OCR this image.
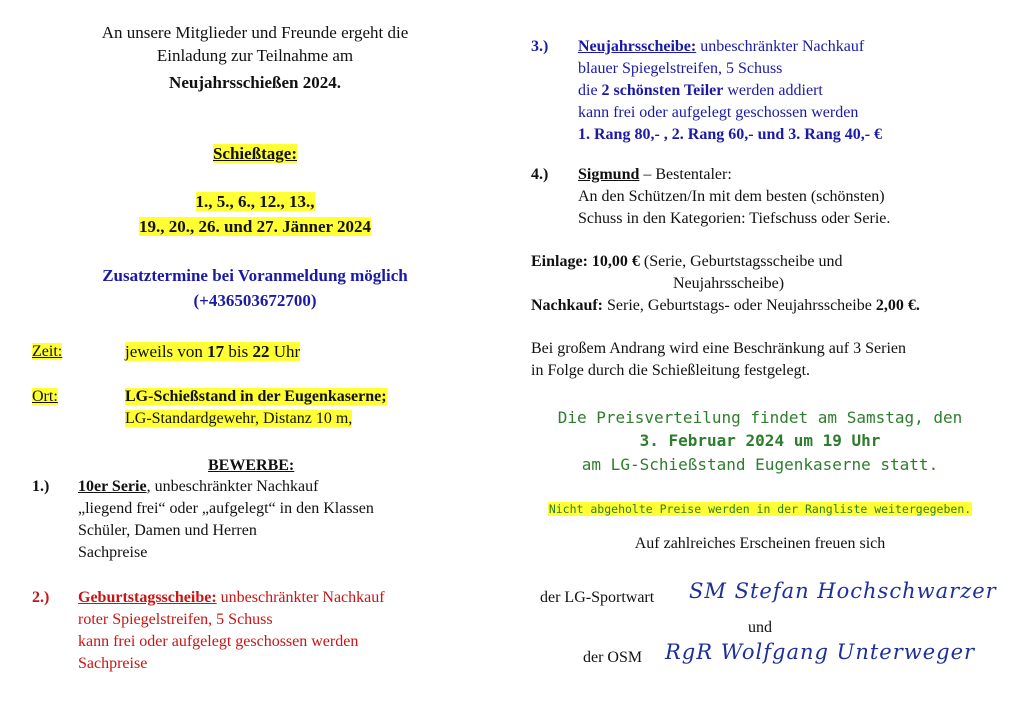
An unsere Mitglieder und Freunde ergeht die
Einladung zur Teilnahme am
Neujahrsschießen 2024.
Schießtage:
1., 5., 6., 12., 13.,
19., 20., 26. und 27. Jänner 2024
Zusatztermine bei Voranmeldung möglich
(+436503672700)
Zeit:	jeweils von 17 bis 22 Uhr
Ort:	LG-Schießstand in der Eugenkaserne;
LG-Standardgewehr, Distanz 10 m,
BEWERBE:
1.) 10er Serie, unbeschränkter Nachkauf
„liegend frei“ oder „aufgelegt“ in den Klassen
Schüler, Damen und Herren
Sachpreise
2.) Geburtstagsscheibe: unbeschränkter Nachkauf
roter Spiegelstreifen, 5 Schuss
kann frei oder aufgelegt geschossen werden
Sachpreise
3.) Neujahrsscheibe: unbeschränkter Nachkauf
blauer Spiegelstreifen, 5 Schuss
die 2 schönsten Teiler werden addiert
kann frei oder aufgelegt geschossen werden
1. Rang 80,- , 2. Rang 60,- und 3. Rang 40,- €
4.) Sigmund – Bestentaler:
An den Schützen/In mit dem besten (schönsten)
Schuss in den Kategorien: Tiefschuss oder Serie.
Einlage: 10,00 € (Serie, Geburtstagsscheibe und
Neujahrsscheibe)
Nachkauf: Serie, Geburtstags- oder Neujahrsscheibe 2,00 €.
Bei großem Andrang wird eine Beschränkung auf 3 Serien
in Folge durch die Schießleitung festgelegt.
Die Preisverteilung findet am Samstag, den
3. Februar 2024 um 19 Uhr
am LG-Schießstand Eugenkaserne statt.
Nicht abgeholte Preise werden in der Rangliste weitergegeben.
Auf zahlreiches Erscheinen freuen sich
der LG-Sportwart SM Stefan Hochschwarzer
und
der OSM RgR Wolfgang Unterweger
